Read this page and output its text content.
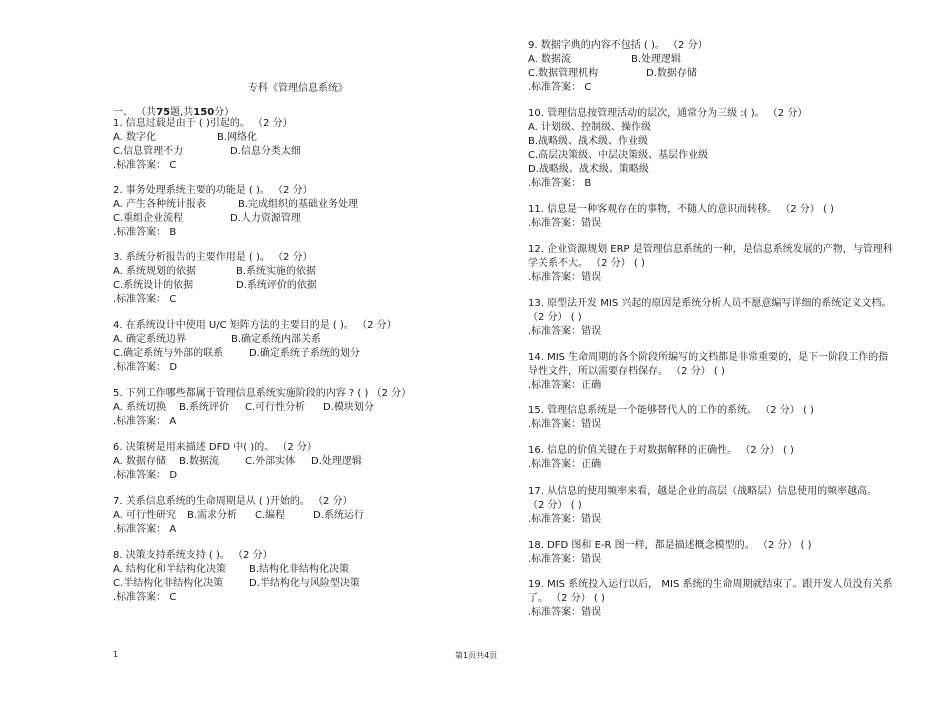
专科《管理信息系统》
一、 （共75题,共150分）
1. 信息过载是由于 ( )引起的。 （2 分）
A. 数字化	B.网络化
C.信息管理不力	D.信息分类太细
.标准答案： C
2. 事务处理系统主要的功能是 ( )。 （2 分）
A. 产生各种统计报表	B.完成组织的基础业务处理
C.重组企业流程	D.人力资源管理
.标准答案： B
3. 系统分析报告的主要作用是 ( )。 （2 分）
A. 系统规划的依据	B.系统实施的依据
C.系统设计的依据	D.系统评价的依据
.标准答案： C
4. 在系统设计中使用 U/C 矩阵方法的主要目的是 ( )。 （2 分）
A. 确定系统边界	B.确定系统内部关系
C.确定系统与外部的联系	D.确定系统子系统的划分
.标准答案： D
5. 下列工作哪些都属于管理信息系统实施阶段的内容 ? ( ) （2 分）
A. 系统切换	B.系统评价	C.可行性分析	D.模块划分
.标准答案： A
6. 决策树是用来描述 DFD 中( )的。 （2 分）
A. 数据存储	B.数据流	C.外部实体	D.处理逻辑
.标准答案： D
7. 关系信息系统的生命周期是从 ( )开始的。 （2 分）
A. 可行性研究	B.需求分析	C.编程	D.系统运行
.标准答案： A
8. 决策支持系统支持 ( )。 （2 分）
A. 结构化和半结构化决策	B.结构化非结构化决策
C.半结构化非结构化决策	D.半结构化与风险型决策
.标准答案： C
9. 数据字典的内容不包括 ( )。 （2 分）
A. 数据流	B.处理逻辑
C.数据管理机构	D.数据存储
.标准答案： C
10. 管理信息按管理活动的层次，通常分为三级 :( )。 （2 分）
A. 计划级、控制级、操作级
B.战略级、战术级、作业级
C.高层决策级、中层决策级、基层作业级
D.战略级、战术级、策略级
.标准答案： B
11. 信息是一种客观存在的事物，不随人的意识而转移。 （2 分） ( )
.标准答案：错误
12. 企业资源规划 ERP 是管理信息系统的一种，是信息系统发展的产物，与管理科
学关系不大。 （2 分） ( )
.标准答案：错误
13. 原型法开发 MIS 兴起的原因是系统分析人员不愿意编写详细的系统定义文档。
（2 分） ( )
.标准答案：错误
14. MIS 生命周期的各个阶段所编写的文档都是非常重要的，是下一阶段工作的指
导性文件，所以需要存档保存。 （2 分） ( )
.标准答案：正确
15. 管理信息系统是一个能够替代人的工作的系统。 （2 分） ( )
.标准答案：错误
16. 信息的价值关键在于对数据解释的正确性。 （2 分） ( )
.标准答案：正确
17. 从信息的使用频率来看，越是企业的高层（战略层）信息使用的频率越高。
（2 分） ( )
.标准答案：错误
18. DFD 图和 E-R 图一样，都是描述概念模型的。 （2 分） ( )
.标准答案：错误
19. MIS 系统投入运行以后， MIS 系统的生命周期就结束了。跟开发人员没有关系
了。 （2 分） ( )
.标准答案：错误
1	第1页共4页
